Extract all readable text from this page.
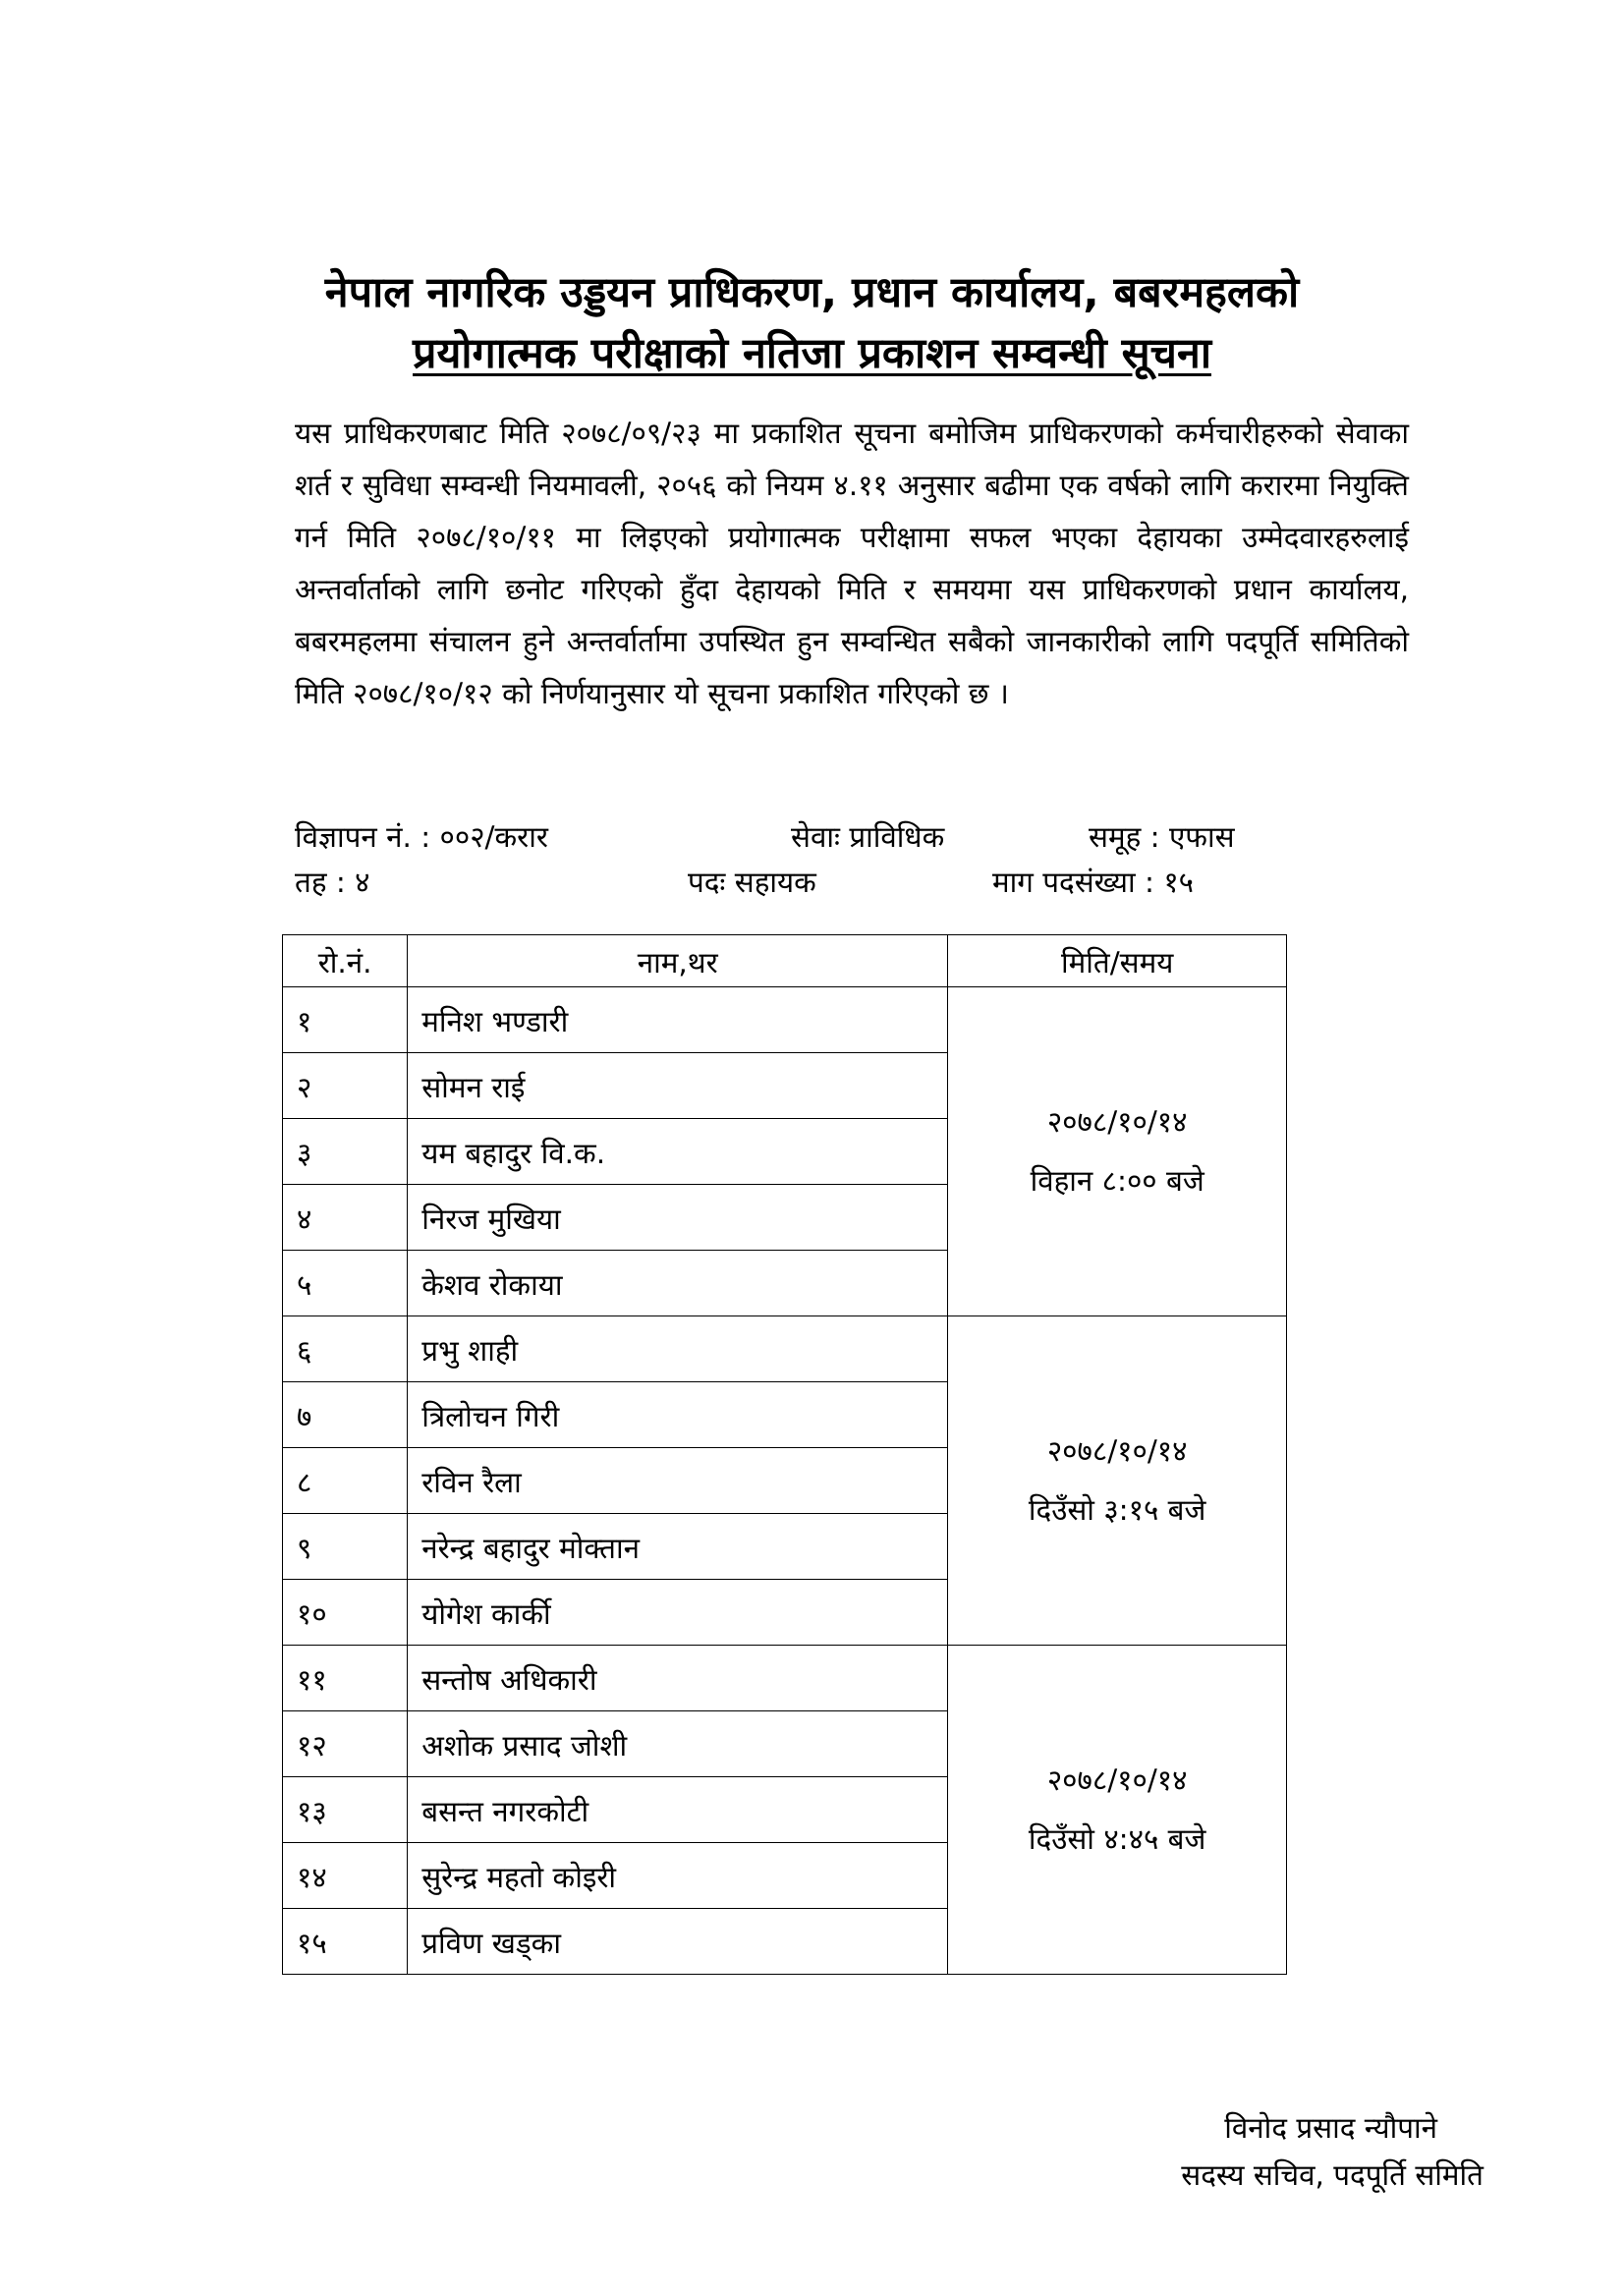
नेपाल नागरिक उड्डयन प्राधिकरण, प्रधान कार्यालय, बबरमहलको
प्रयोगात्मक परीक्षाको नतिजा प्रकाशन सम्वन्धी सूचना
यस प्राधिकरणबाट मिति २०७८/०९/२३ मा प्रकाशित सूचना बमोजिम प्राधिकरणको कर्मचारीहरुको सेवाका शर्त र सुविधा सम्वन्धी नियमावली, २०५६ को नियम ४.११ अनुसार बढीमा एक वर्षको लागि करारमा नियुक्ति गर्न मिति २०७८/१०/११ मा लिइएको प्रयोगात्मक परीक्षामा सफल भएका देहायका उम्मेदवारहरुलाई अन्तर्वार्ताको लागि छनोट गरिएको हुँदा देहायको मिति र समयमा यस प्राधिकरणको प्रधान कार्यालय, बबरमहलमा संचालन हुने अन्तर्वार्तामा उपस्थित हुन सम्वन्धित सबैको जानकारीको लागि पदपूर्ति समितिको मिति २०७८/१०/१२ को निर्णयानुसार यो सूचना प्रकाशित गरिएको छ ।
विज्ञापन नं. : ००२/करार	सेवाः प्राविधिक	समूह : एफास
तह : ४	पदः सहायक	माग पदसंख्या : १५
रो.नं.	नाम,थर	मिति/समय
१	मनिश भण्डारी	२०७८/१०/१४
विहान ८:०० बजे

२	सोमन राई	
३	यम बहादुर वि.क.	
४	निरज मुखिया	
५	केशव रोकाया	
६	प्रभु शाही	२०७८/१०/१४
दिउँसो ३:१५ बजे

७	त्रिलोचन गिरी	
८	रविन रैला	
९	नरेन्द्र बहादुर मोक्तान	
१०	योगेश कार्की	
११	सन्तोष अधिकारी	२०७८/१०/१४
दिउँसो ४:४५ बजे

१२	अशोक प्रसाद जोशी	
१३	बसन्त नगरकोटी	
१४	सुरेन्द्र महतो कोइरी	
१५	प्रविण खड्का	
विनोद प्रसाद न्यौपाने
सदस्य सचिव, पदपूर्ति समिति
